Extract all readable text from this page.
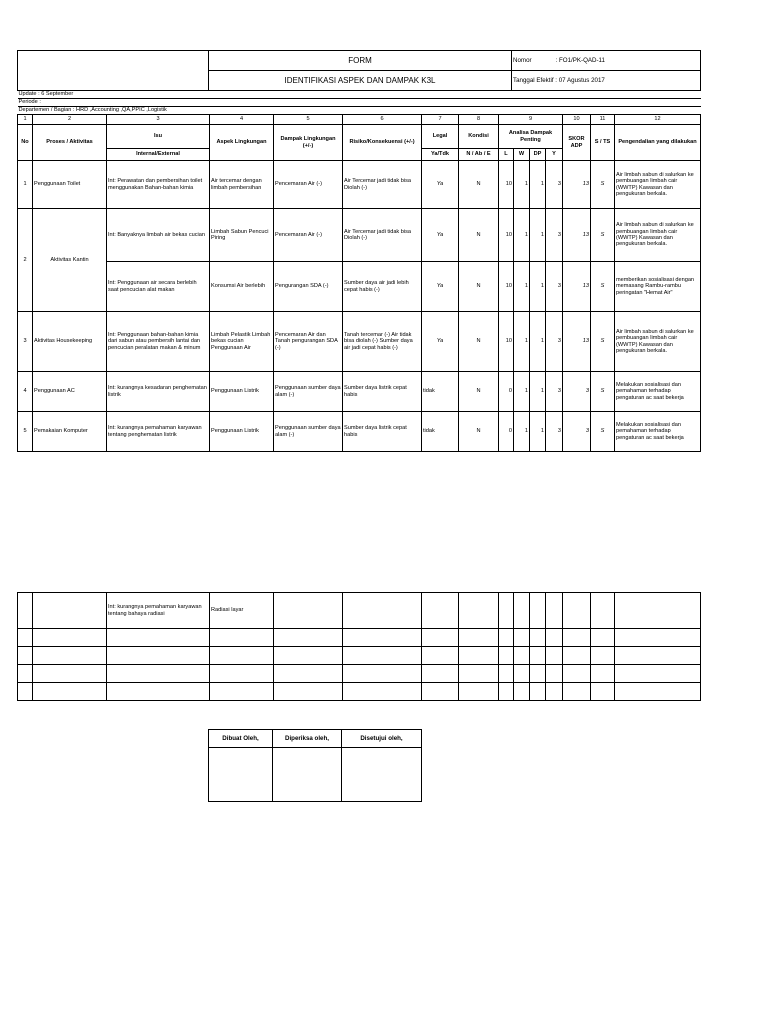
	FORM	Nomor : FO1/PK-QAD-11
	IDENTIFIKASI ASPEK DAN DAMPAK K3L	Tanggal Efektif : 07 Agustus 2017
Update : 6 September														
Periode :														
Departemen / Bagian : HRD ,Accounting ,QA,PPIC ,Logistik														
1	2	3	4	5	6	7	8	9				10	11	12
No	Proses / Aktivitas	Isu	Aspek Lingkungan	Dampak Lingkungan (+/-)	Risiko/Konsekuensi (+/-)	Legal	Kondisi	Analisa Dampak Penting				SKOR ADP	S / TS	Pengendalian yang dilakukan
		Internal/External				Ya/Tdk	N / Ab / E	L	W	DP	Y			
1	Penggunaan Toilet	Int: Perawatan dan pembersihan toilet menggunakan Bahan-bahan kimia	Air tercemar dengan limbah pembersihan	Pencemaran Air (-)	Air Tercemar jadi tidak bisa Diolah (-)	Ya	N	10	1	1	3	13	S	Air limbah sabun di salurkan ke pembuangan limbah cair (WWTP) Kawasan dan pengukuran berkala.
2	Aktivitas Kantin	Int: Banyaknya limbah air bekas cucian	Limbah Sabun Pencuci Piring	Pencemaran Air (-)	Air Tercemar jadi tidak bisa Diolah (-)	Ya	N	10	1	1	3	13	S	Air limbah sabun di salurkan ke pembuangan limbah cair (WWTP) Kawasan dan pengukuran berkala.
		Int: Penggunaan air secara berlebih saat pencucian alat makan	Konsumsi Air berlebih	Pengurangan SDA (-)	Sumber daya air jadi lebih cepat habis (-)	Ya	N	10	1	1	3	13	S	memberikan sosialisasi dengan memasang Rambu-rambu peringatan "Hemat Air"
3	Aktivitas Housekeeping	Int: Penggunaan bahan-bahan kimia dari sabun atau pembersih lantai dan pencucian peralatan makan & minum	Limbah Pelastik Limbah bekas cucian Penggunaan Air	Pencemaran Air dan Tanah pengurangan SDA (-)	Tanah tercemar (-) Air tidak bisa diolah (-) Sumber daya air jadi cepat habis (-)	Ya	N	10	1	1	3	13	S	Air limbah sabun di salurkan ke pembuangan limbah cair (WWTP) Kawasan dan pengukuran berkala.
4	Penggunaan AC	Int: kurangnya kesadaran penghematan listrik	Penggunaan Listrik	Penggunaan sumber daya alam (-)	Sumber daya listrik cepat habis	tidak	N	0	1	1	3	3	S	Melakukan sosialisasi dan pemahaman terhadap pengaturan ac saat bekerja
5	Pemakaian Komputer	Int: kurangnya pemahaman karyawan tentang penghematan listrik	Penggunaan Listrik	Penggunaan sumber daya alam (-)	Sumber daya listrik cepat habis	tidak	N	0	1	1	3	3	S	Melakukan sosialisasi dan pemahaman terhadap pengaturan ac saat bekerja
		Int: kurangnya pemahaman karyawan tentang bahaya radiasi	Radiasi layar											

Dibuat Oleh,	Diperiksa oleh,	Disetujui oleh,
